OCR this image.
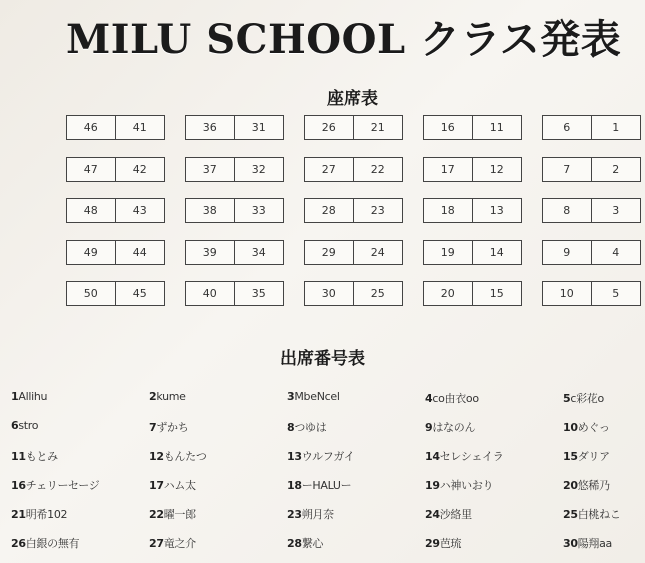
MILU SCHOOL クラス発表
座席表
46	41	36	31	26	21	16	11	6	1
47	42	37	32	27	22	17	12	7	2
48	43	38	33	28	23	18	13	8	3
49	44	39	34	29	24	19	14	9	4
50	45	40	35	30	25	20	15	10	5
出席番号表
1Allihu	2kume	3MbeNcel	4co由衣oo	5c彩花o
6stro	7ずかち	8つゆは	9はなのん	10めぐっ
11もとみ	12もんたつ	13ウルフガイ	14セレシェイラ	15ダリア
16チェリーセージ	17ハム太	18ーHALUー	19ハ神いおり	20悠稀乃
21明希102	22曜一郎	23朔月奈	24沙絡里	25白桃ねこ
26白銀の無有	27竜之介	28繋心	29芭琉	30陽翔aa
